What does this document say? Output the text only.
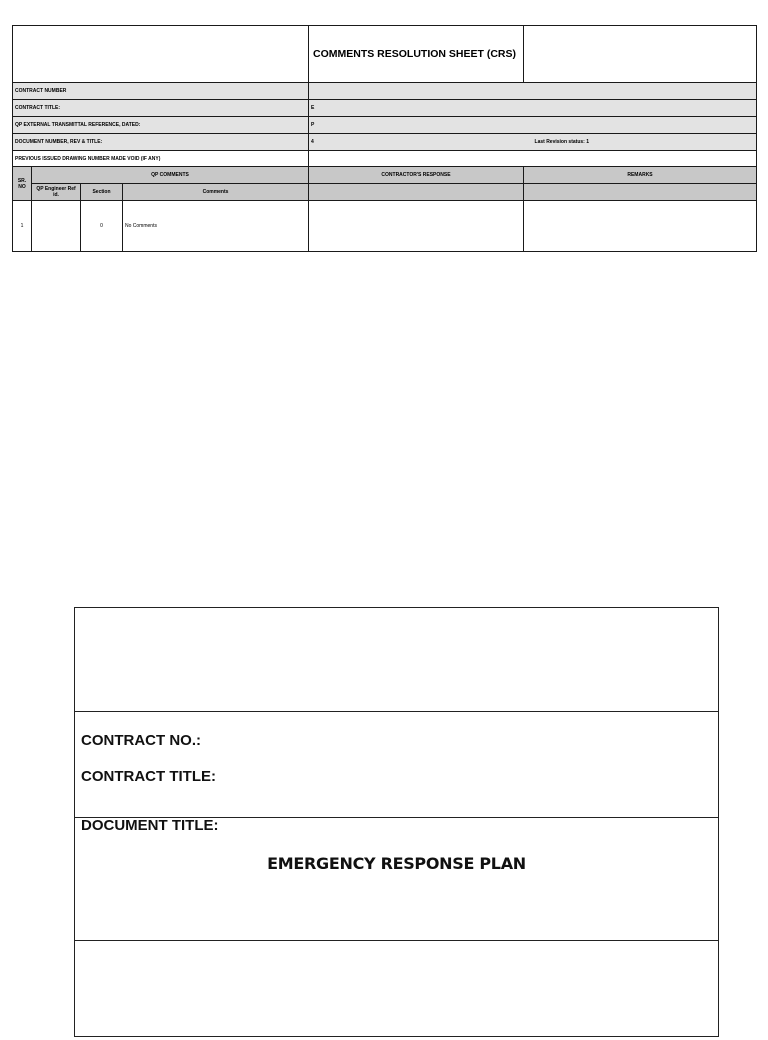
				COMMENTS RESOLUTION SHEET (CRS)	
CONTRACT NUMBER					
CONTRACT TITLE:				E	
QP EXTERNAL TRANSMITTAL REFERENCE, DATED:				P	
DOCUMENT NUMBER, REV & TITLE:				4 Last Revision status: 1	

PREVIOUS ISSUED DRAWING NUMBER MADE VOID (IF ANY)					
SR. NO	QP COMMENTS			CONTRACTOR'S RESPONSE	REMARKS
	QP Engineer Ref id.	Section	Comments		
1		0	No Comments		
CONTRACT NO.:
CONTRACT TITLE:
DOCUMENT TITLE:
EMERGENCY RESPONSE PLAN
